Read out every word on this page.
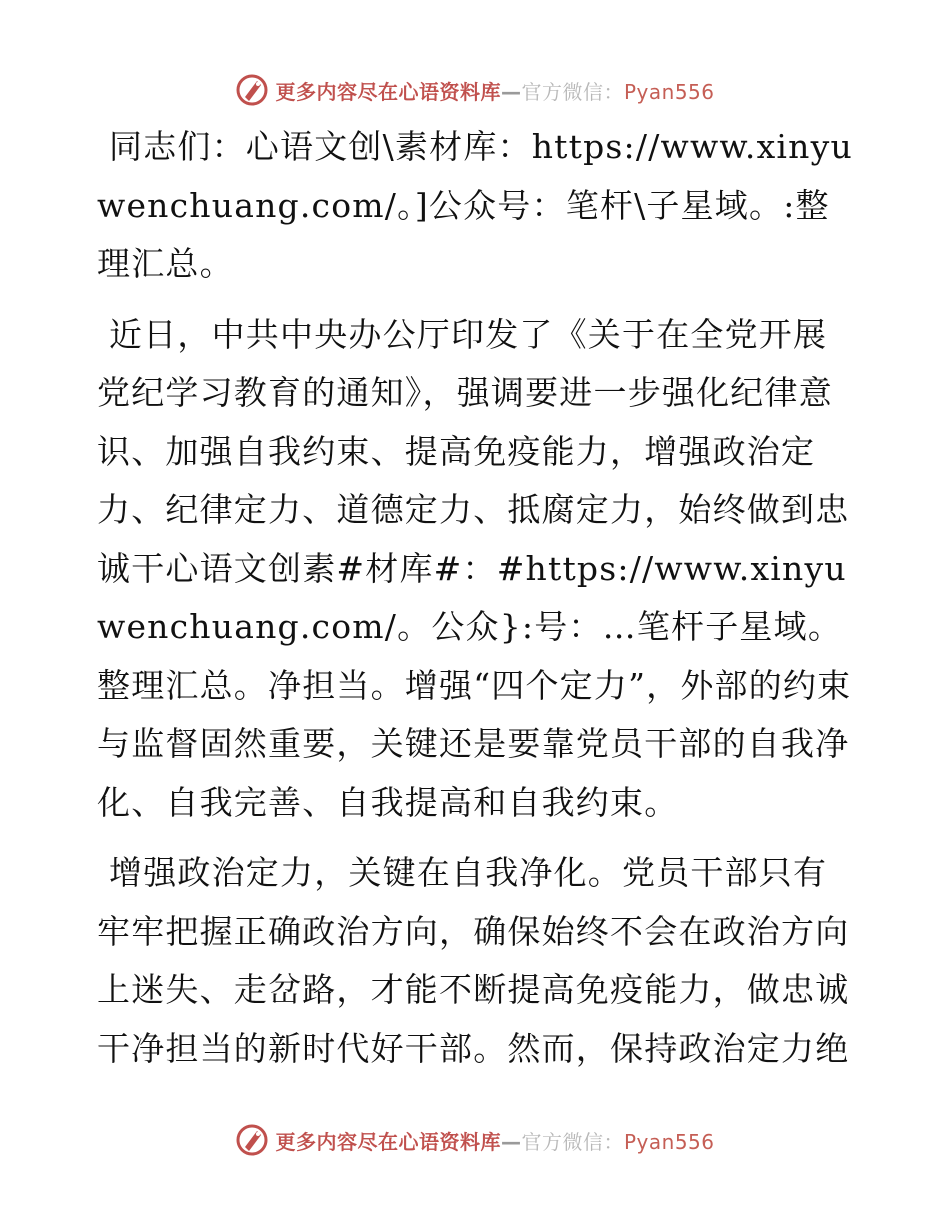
更多内容尽在心语资料库—官方微信：Pyan556

同志们：心语文创\素材库：https://www.xinyuwenchuang.com/。]公众号：笔杆\子星域。:整理汇总。

近日，中共中央办公厅印发了《关于在全党开展党纪学习教育的通知》，强调要进一步强化纪律意识、加强自我约束、提高免疫能力，增强政治定力、纪律定力、道德定力、抵腐定力，始终做到忠诚干心语文创素#材库#：#https://www.xinyuwenchuang.com/。公众}:号：…笔杆子星域。整理汇总。净担当。增强“四个定力”，外部的约束与监督固然重要，关键还是要靠党员干部的自我净化、自我完善、自我提高和自我约束。

增强政治定力，关键在自我净化。党员干部只有牢牢把握正确政治方向，确保始终不会在政治方向上迷失、走岔路，才能不断提高免疫能力，做忠诚干净担当的新时代好干部。然而，保持政治定力绝

更多内容尽在心语资料库—官方微信：Pyan556
